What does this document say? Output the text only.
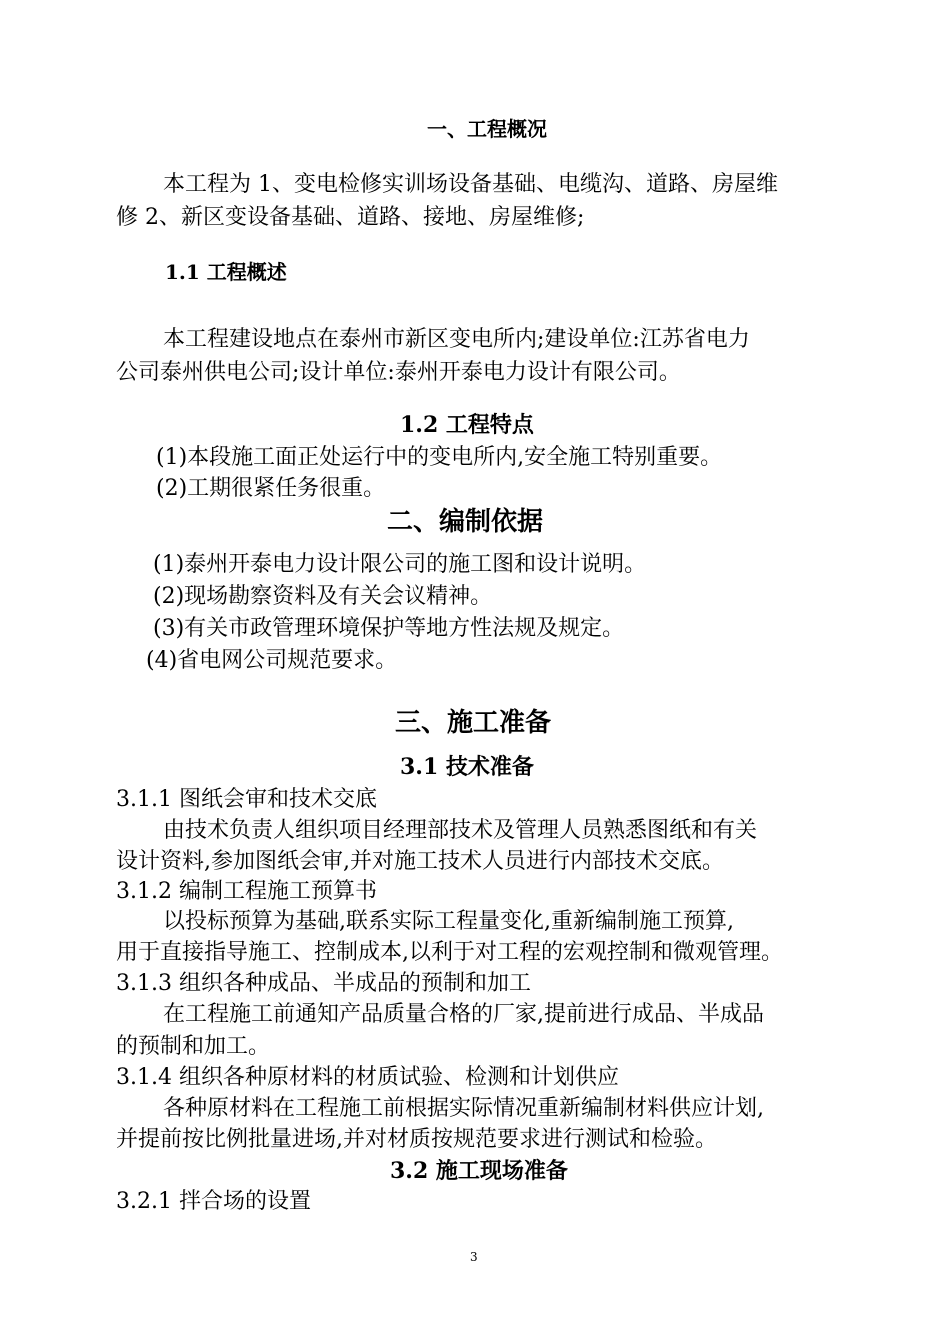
一、工程概况
本工程为 1、变电检修实训场设备基础、电缆沟、道路、房屋维
修 2、新区变设备基础、道路、接地、房屋维修;
1.1 工程概述
本工程建设地点在泰州市新区变电所内;建设单位:江苏省电力
公司泰州供电公司;设计单位:泰州开泰电力设计有限公司。
1.2 工程特点
(1)本段施工面正处运行中的变电所内,安全施工特别重要。
(2)工期很紧任务很重。
二、编制依据
(1)泰州开泰电力设计限公司的施工图和设计说明。
(2)现场勘察资料及有关会议精神。
(3)有关市政管理环境保护等地方性法规及规定。
(4)省电网公司规范要求。
三、施工准备
3.1 技术准备
3.1.1 图纸会审和技术交底
由技术负责人组织项目经理部技术及管理人员熟悉图纸和有关
设计资料,参加图纸会审,并对施工技术人员进行内部技术交底。
3.1.2 编制工程施工预算书
以投标预算为基础,联系实际工程量变化,重新编制施工预算,
用于直接指导施工、控制成本,以利于对工程的宏观控制和微观管理。
3.1.3 组织各种成品、半成品的预制和加工
在工程施工前通知产品质量合格的厂家,提前进行成品、半成品
的预制和加工。
3.1.4 组织各种原材料的材质试验、检测和计划供应
各种原材料在工程施工前根据实际情况重新编制材料供应计划,
并提前按比例批量进场,并对材质按规范要求进行测试和检验。
3.2 施工现场准备
3.2.1 拌合场的设置
3
